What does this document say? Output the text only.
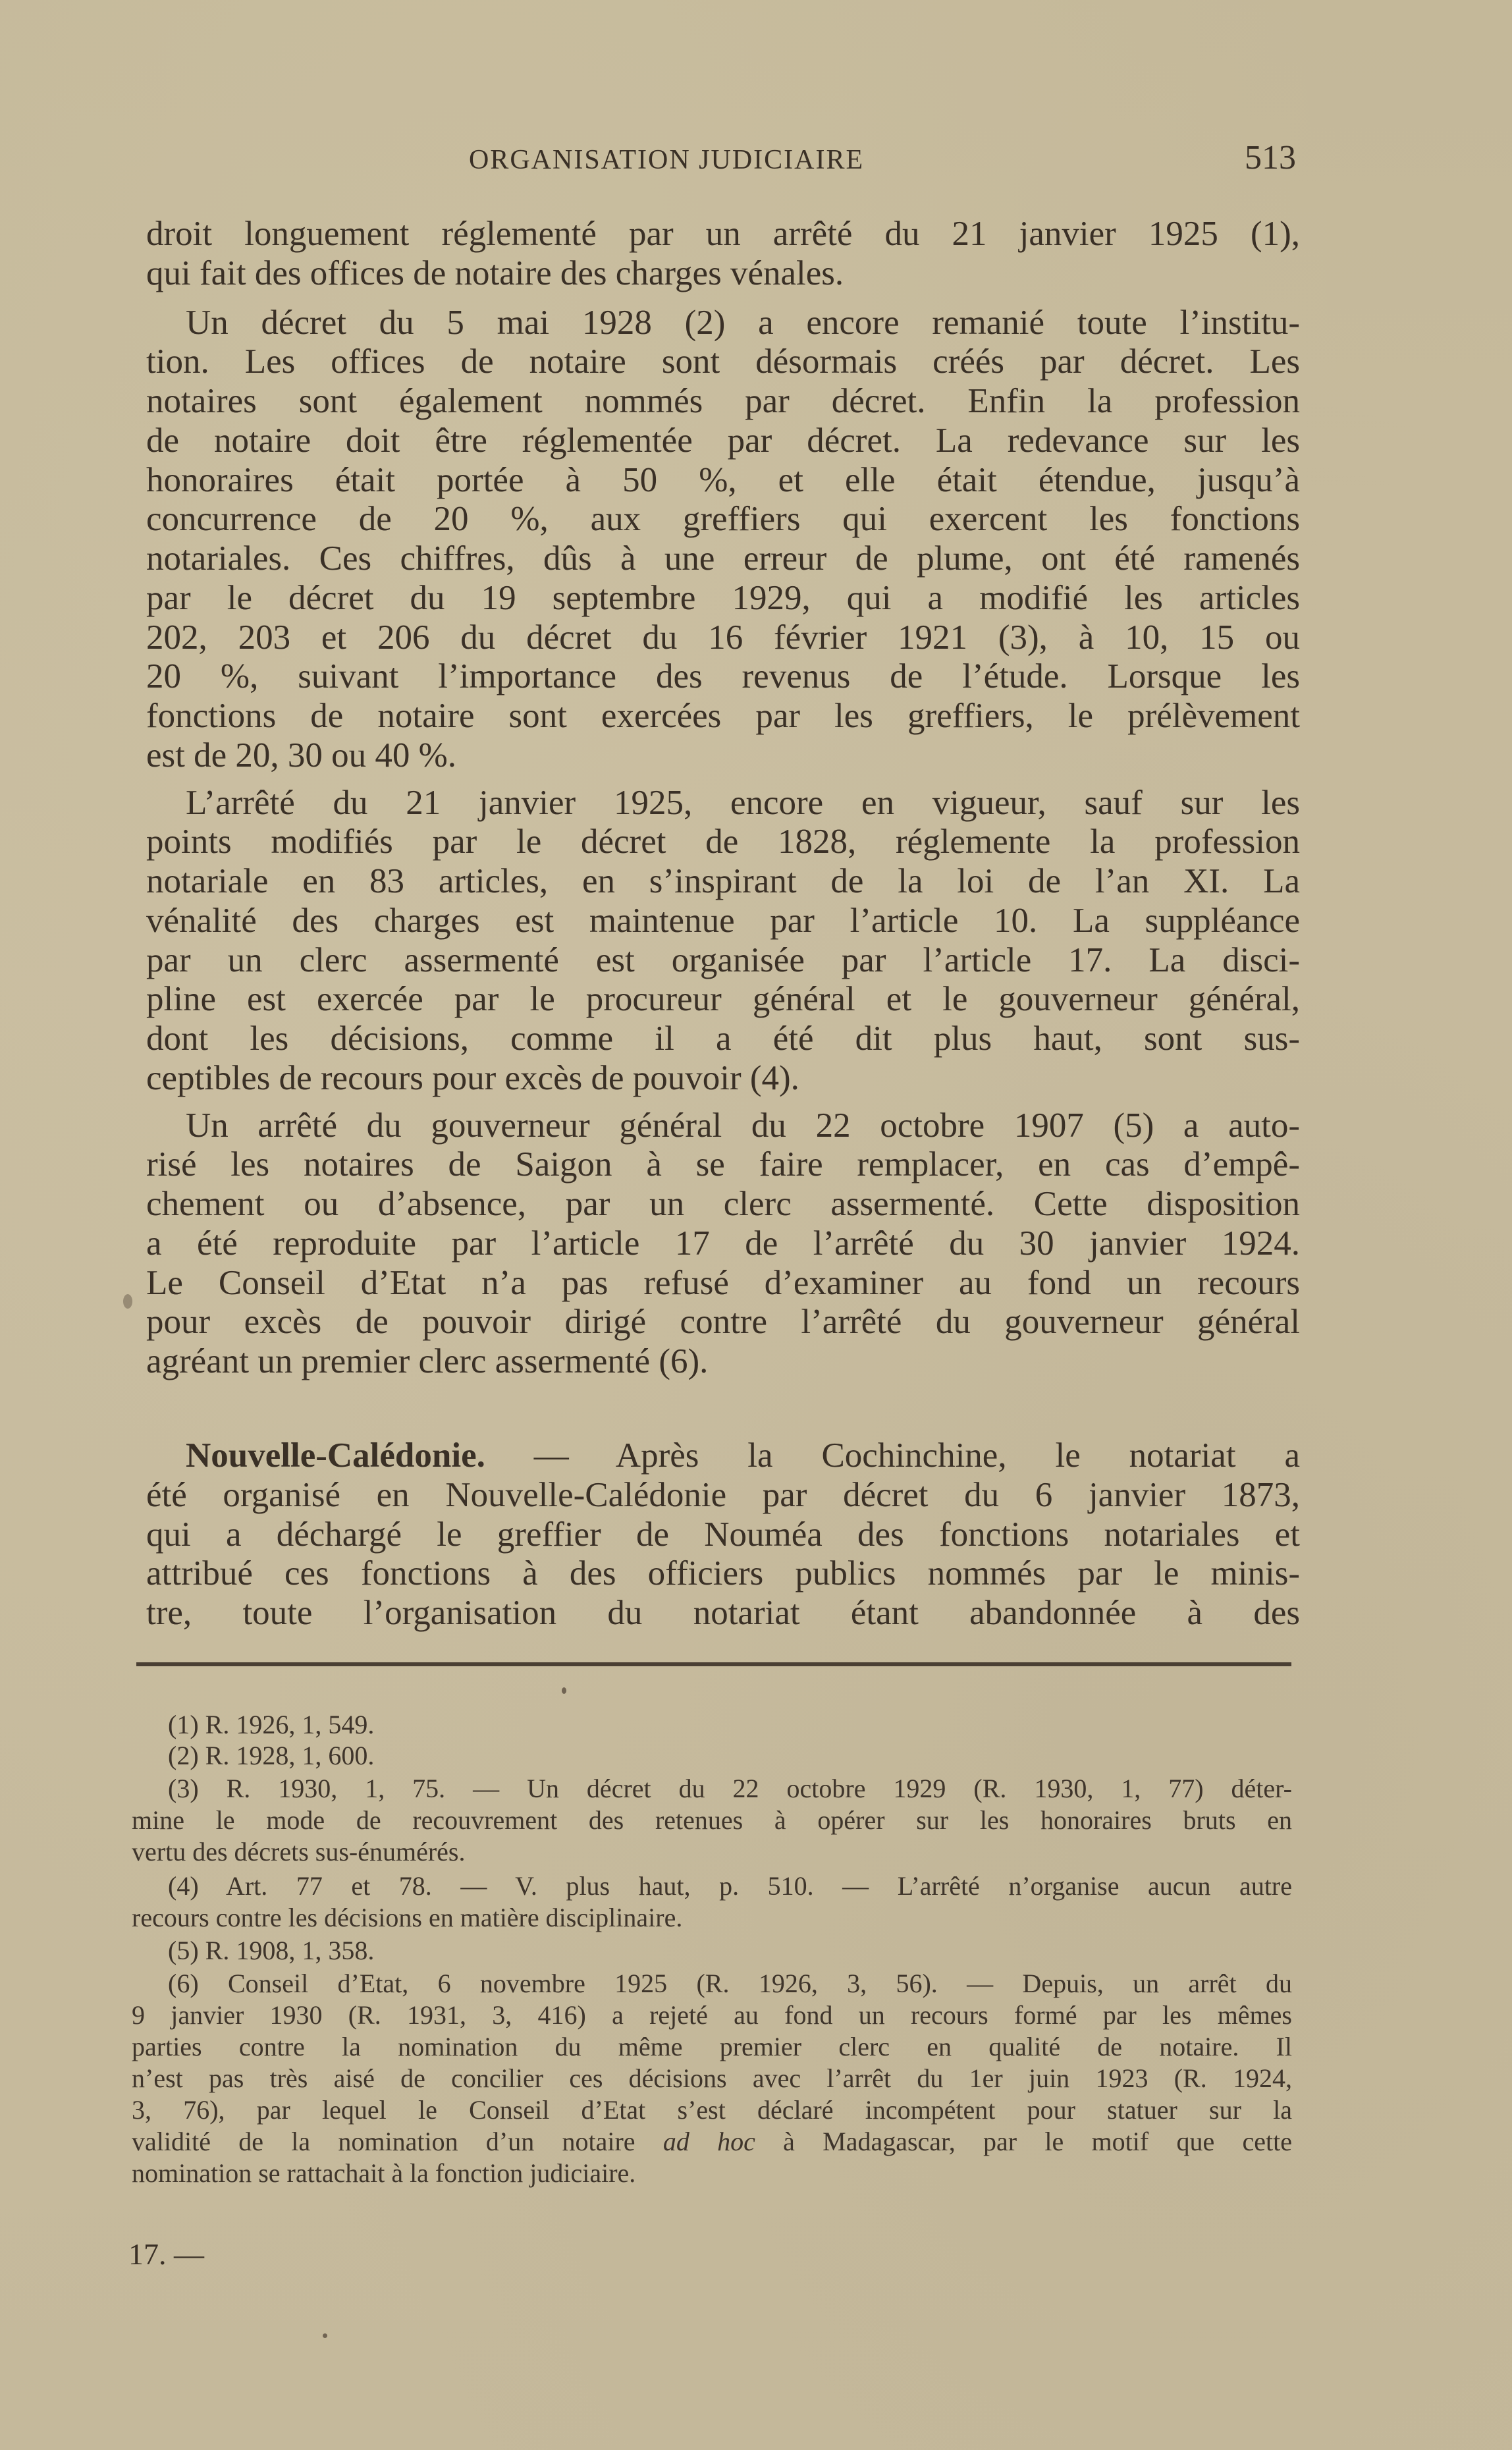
ORGANISATION JUDICIAIRE	513
droit longuement réglementé par un arrêté du 21 janvier 1925 (1),
qui fait des offices de notaire des charges vénales.
Un décret du 5 mai 1928 (2) a encore remanié toute l’institu-
tion. Les offices de notaire sont désormais créés par décret. Les
notaires sont également nommés par décret. Enfin la profession
de notaire doit être réglementée par décret. La redevance sur les
honoraires était portée à 50 %, et elle était étendue, jusqu’à
concurrence de 20 %, aux greffiers qui exercent les fonctions
notariales. Ces chiffres, dûs à une erreur de plume, ont été ramenés
par le décret du 19 septembre 1929, qui a modifié les articles
202, 203 et 206 du décret du 16 février 1921 (3), à 10, 15 ou
20 %, suivant l’importance des revenus de l’étude. Lorsque les
fonctions de notaire sont exercées par les greffiers, le prélèvement
est de 20, 30 ou 40 %.
L’arrêté du 21 janvier 1925, encore en vigueur, sauf sur les
points modifiés par le décret de 1828, réglemente la profession
notariale en 83 articles, en s’inspirant de la loi de l’an XI. La
vénalité des charges est maintenue par l’article 10. La suppléance
par un clerc assermenté est organisée par l’article 17. La disci-
pline est exercée par le procureur général et le gouverneur général,
dont les décisions, comme il a été dit plus haut, sont sus-
ceptibles de recours pour excès de pouvoir (4).
Un arrêté du gouverneur général du 22 octobre 1907 (5) a auto-
risé les notaires de Saigon à se faire remplacer, en cas d’empê-
chement ou d’absence, par un clerc assermenté. Cette disposition
a été reproduite par l’article 17 de l’arrêté du 30 janvier 1924.
Le Conseil d’Etat n’a pas refusé d’examiner au fond un recours
pour excès de pouvoir dirigé contre l’arrêté du gouverneur général
agréant un premier clerc assermenté (6).
Nouvelle-Calédonie. — Après la Cochinchine, le notariat a
été organisé en Nouvelle-Calédonie par décret du 6 janvier 1873,
qui a déchargé le greffier de Nouméa des fonctions notariales et
attribué ces fonctions à des officiers publics nommés par le minis-
tre, toute l’organisation du notariat étant abandonnée à des
(1) R. 1926, 1, 549.
(2) R. 1928, 1, 600.
(3) R. 1930, 1, 75. — Un décret du 22 octobre 1929 (R. 1930, 1, 77) déter-
mine le mode de recouvrement des retenues à opérer sur les honoraires bruts en
vertu des décrets sus-énumérés.
(4) Art. 77 et 78. — V. plus haut, p. 510. — L’arrêté n’organise aucun autre
recours contre les décisions en matière disciplinaire.
(5) R. 1908, 1, 358.
(6) Conseil d’Etat, 6 novembre 1925 (R. 1926, 3, 56). — Depuis, un arrêt du
9 janvier 1930 (R. 1931, 3, 416) a rejeté au fond un recours formé par les mêmes
parties contre la nomination du même premier clerc en qualité de notaire. Il
n’est pas très aisé de concilier ces décisions avec l’arrêt du 1er juin 1923 (R. 1924,
3, 76), par lequel le Conseil d’Etat s’est déclaré incompétent pour statuer sur la
validité de la nomination d’un notaire ad hoc à Madagascar, par le motif que cette
nomination se rattachait à la fonction judiciaire.
17. —
